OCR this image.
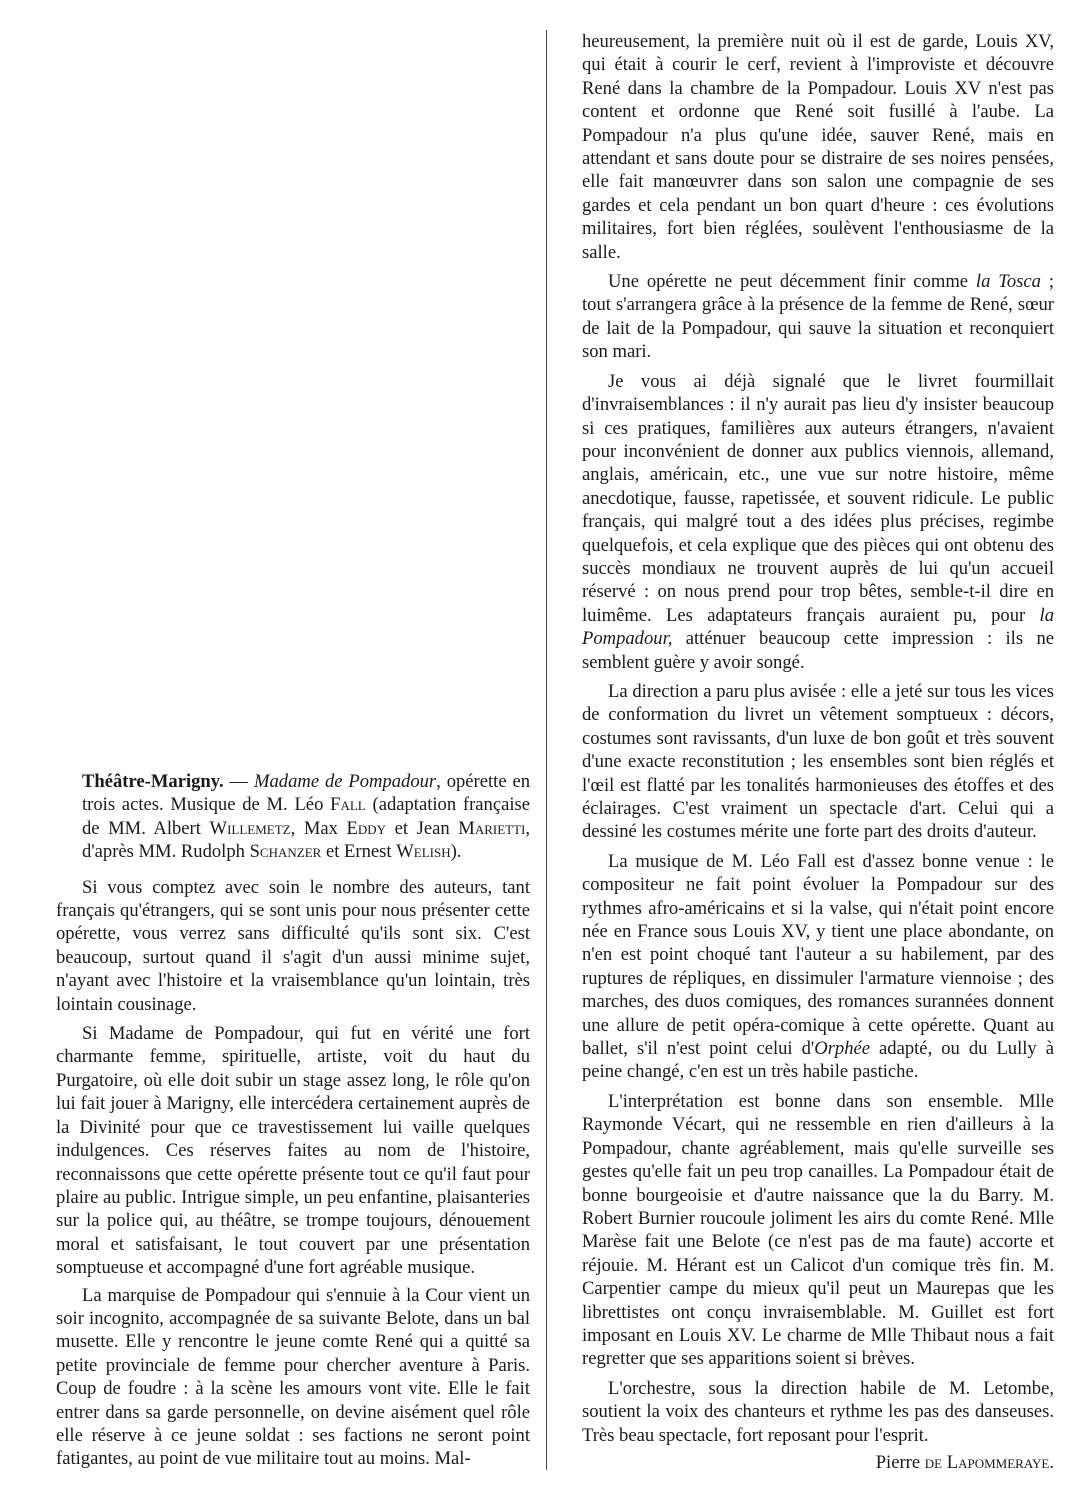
Théâtre-Marigny. — Madame de Pompadour, opérette en trois actes. Musique de M. Léo Fall (adaptation française de MM. Albert Willemetz, Max Eddy et Jean Marietti, d'après MM. Rudolph Schanzer et Ernest Welish).

Si vous comptez avec soin le nombre des auteurs, tant français qu'étrangers, qui se sont unis pour nous présenter cette opérette, vous verrez sans difficulté qu'ils sont six. C'est beaucoup, surtout quand il s'agit d'un aussi minime sujet, n'ayant avec l'histoire et la vraisemblance qu'un lointain, très lointain cousinage.

Si Madame de Pompadour, qui fut en vérité une fort charmante femme, spirituelle, artiste, voit du haut du Purgatoire, où elle doit subir un stage assez long, le rôle qu'on lui fait jouer à Marigny, elle intercédera certainement auprès de la Divinité pour que ce travestissement lui vaille quelques indulgences. Ces réserves faites au nom de l'histoire, reconnaissons que cette opérette présente tout ce qu'il faut pour plaire au public. Intrigue simple, un peu enfantine, plaisanteries sur la police qui, au théâtre, se trompe toujours, dénouement moral et satisfaisant, le tout couvert par une présentation somptueuse et accompagné d'une fort agréable musique.

La marquise de Pompadour qui s'ennuie à la Cour vient un soir incognito, accompagnée de sa suivante Belote, dans un bal musette. Elle y rencontre le jeune comte René qui a quitté sa petite provinciale de femme pour chercher aventure à Paris. Coup de foudre : à la scène les amours vont vite. Elle le fait entrer dans sa garde personnelle, on devine aisément quel rôle elle réserve à ce jeune soldat : ses factions ne seront point fatigantes, au point de vue militaire tout au moins. Mal-

heureusement, la première nuit où il est de garde, Louis XV, qui était à courir le cerf, revient à l'improviste et découvre René dans la chambre de la Pompadour. Louis XV n'est pas content et ordonne que René soit fusillé à l'aube. La Pompadour n'a plus qu'une idée, sauver René, mais en attendant et sans doute pour se distraire de ses noires pensées, elle fait manœuvrer dans son salon une compagnie de ses gardes et cela pendant un bon quart d'heure : ces évolutions militaires, fort bien réglées, soulèvent l'enthousiasme de la salle.

Une opérette ne peut décemment finir comme la Tosca ; tout s'arrangera grâce à la présence de la femme de René, sœur de lait de la Pompadour, qui sauve la situation et reconquiert son mari.

Je vous ai déjà signalé que le livret fourmillait d'invraisemblances : il n'y aurait pas lieu d'y insister beaucoup si ces pratiques, familières aux auteurs étrangers, n'avaient pour inconvénient de donner aux publics viennois, allemand, anglais, américain, etc., une vue sur notre histoire, même anecdotique, fausse, rapetissée, et souvent ridicule. Le public français, qui malgré tout a des idées plus précises, regimbe quelquefois, et cela explique que des pièces qui ont obtenu des succès mondiaux ne trouvent auprès de lui qu'un accueil réservé : on nous prend pour trop bêtes, semble-t-il dire en luimême. Les adaptateurs français auraient pu, pour la Pompadour, atténuer beaucoup cette impression : ils ne semblent guère y avoir songé.

La direction a paru plus avisée : elle a jeté sur tous les vices de conformation du livret un vêtement somptueux : décors, costumes sont ravissants, d'un luxe de bon goût et très souvent d'une exacte reconstitution ; les ensembles sont bien réglés et l'œil est flatté par les tonalités harmonieuses des étoffes et des éclairages. C'est vraiment un spectacle d'art. Celui qui a dessiné les costumes mérite une forte part des droits d'auteur.

La musique de M. Léo Fall est d'assez bonne venue : le compositeur ne fait point évoluer la Pompadour sur des rythmes afro-américains et si la valse, qui n'était point encore née en France sous Louis XV, y tient une place abondante, on n'en est point choqué tant l'auteur a su habilement, par des ruptures de répliques, en dissimuler l'armature viennoise ; des marches, des duos comiques, des romances surannées donnent une allure de petit opéra-comique à cette opérette. Quant au ballet, s'il n'est point celui d'Orphée adapté, ou du Lully à peine changé, c'en est un très habile pastiche.

L'interprétation est bonne dans son ensemble. Mlle Raymonde Vécart, qui ne ressemble en rien d'ailleurs à la Pompadour, chante agréablement, mais qu'elle surveille ses gestes qu'elle fait un peu trop canailles. La Pompadour était de bonne bourgeoisie et d'autre naissance que la du Barry. M. Robert Burnier roucoule joliment les airs du comte René. Mlle Marèse fait une Belote (ce n'est pas de ma faute) accorte et réjouie. M. Hérant est un Calicot d'un comique très fin. M. Carpentier campe du mieux qu'il peut un Maurepas que les librettistes ont conçu invraisemblable. M. Guillet est fort imposant en Louis XV. Le charme de Mlle Thibaut nous a fait regretter que ses apparitions soient si brèves.

L'orchestre, sous la direction habile de M. Letombe, soutient la voix des chanteurs et rythme les pas des danseuses. Très beau spectacle, fort reposant pour l'esprit.

Pierre de Lapommeraye.
